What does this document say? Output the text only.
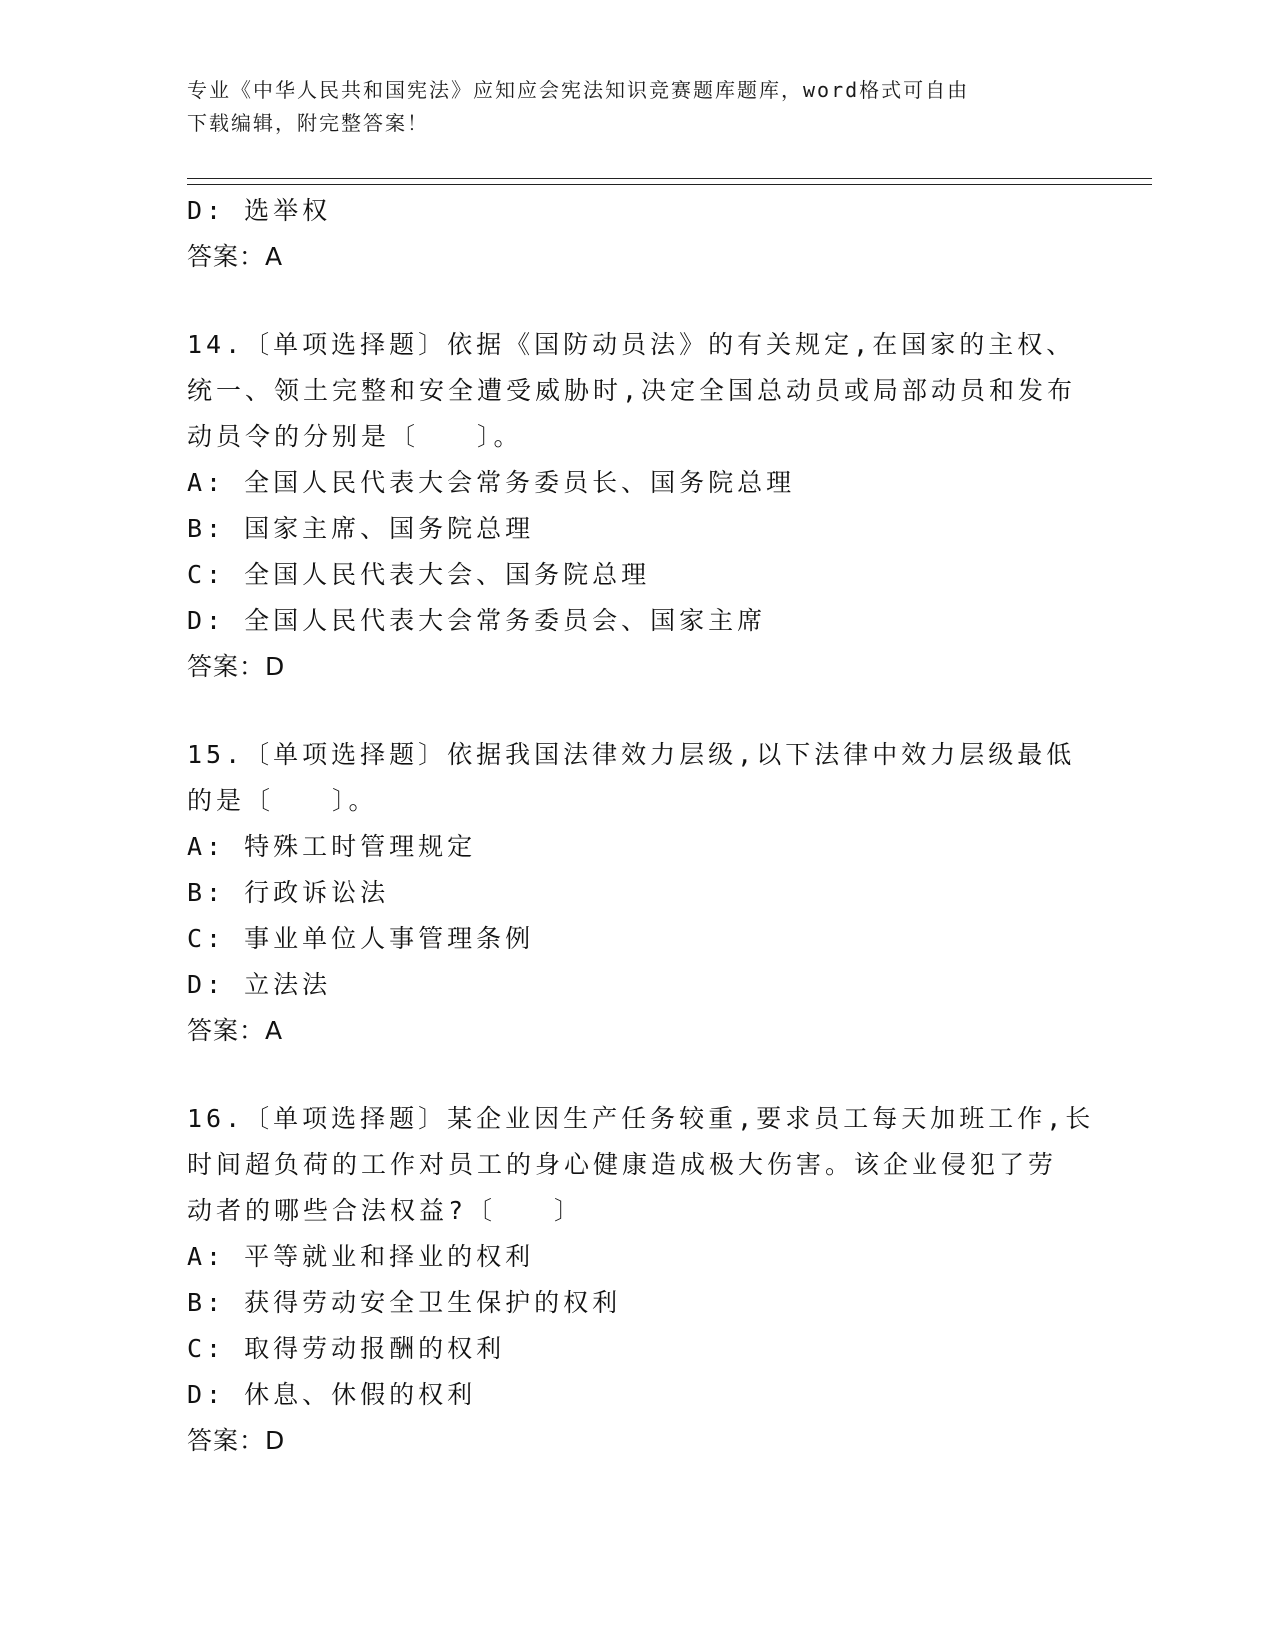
专业《中华人民共和国宪法》应知应会宪法知识竞赛题库题库，word格式可自由
下载编辑，附完整答案！
D: 选举权
答案：A
14.〔单项选择题〕依据《国防动员法》的有关规定,在国家的主权、
统一、领土完整和安全遭受威胁时,决定全国总动员或局部动员和发布
动员令的分别是〔　　〕。
A: 全国人民代表大会常务委员长、国务院总理
B: 国家主席、国务院总理
C: 全国人民代表大会、国务院总理
D: 全国人民代表大会常务委员会、国家主席
答案：D
15.〔单项选择题〕依据我国法律效力层级,以下法律中效力层级最低
的是〔　　〕。
A: 特殊工时管理规定
B: 行政诉讼法
C: 事业单位人事管理条例
D: 立法法
答案：A
16.〔单项选择题〕某企业因生产任务较重,要求员工每天加班工作,长
时间超负荷的工作对员工的身心健康造成极大伤害。该企业侵犯了劳
动者的哪些合法权益?〔　　〕
A: 平等就业和择业的权利
B: 获得劳动安全卫生保护的权利
C: 取得劳动报酬的权利
D: 休息、休假的权利
答案：D
